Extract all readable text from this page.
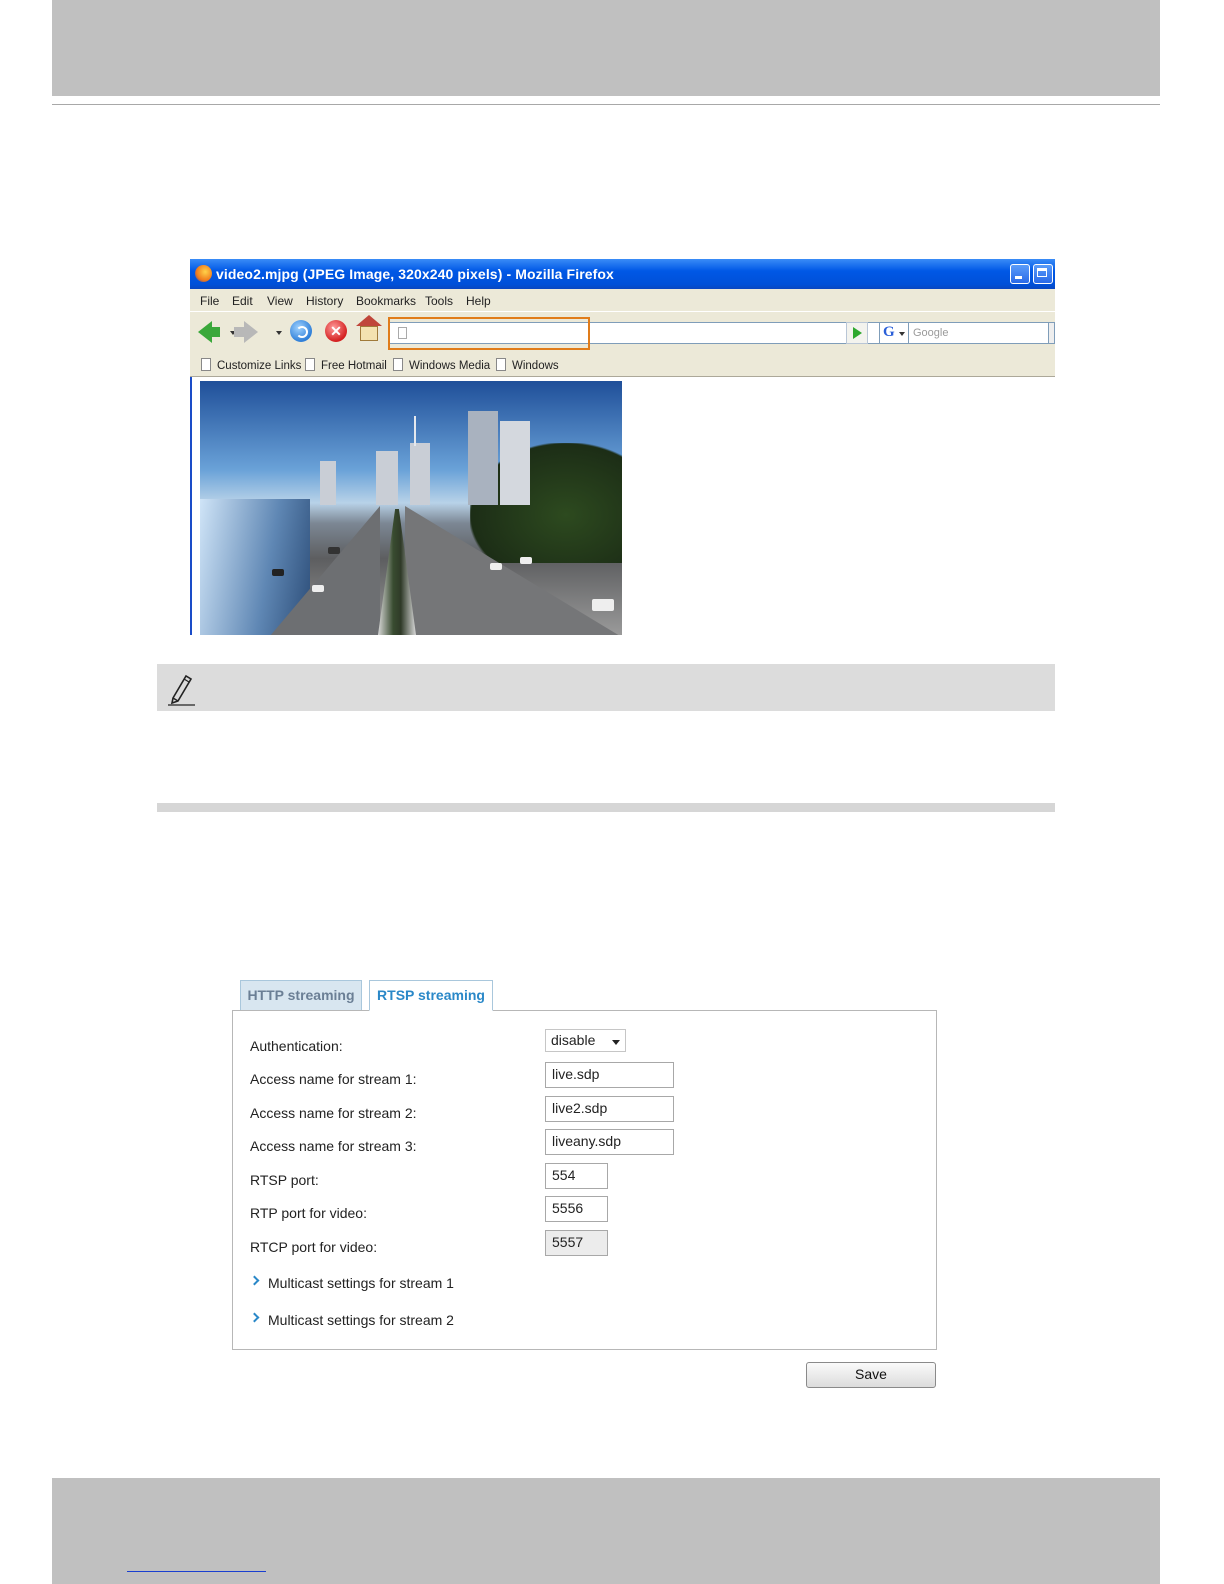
video2.mjpg (JPEG Image, 320x240 pixels) - Mozilla Firefox
File Edit View History Bookmarks Tools Help
✕	G	Google
Customize Links	Free Hotmail	Windows Media	Windows
HTTP streaming	RTSP streaming
Authentication:	disable
Access name for stream 1:	live.sdp
Access name for stream 2:	live2.sdp
Access name for stream 3:	liveany.sdp
RTSP port:	554
RTP port for video:	5556
RTCP port for video:	5557
Multicast settings for stream 1
Multicast settings for stream 2
Save
